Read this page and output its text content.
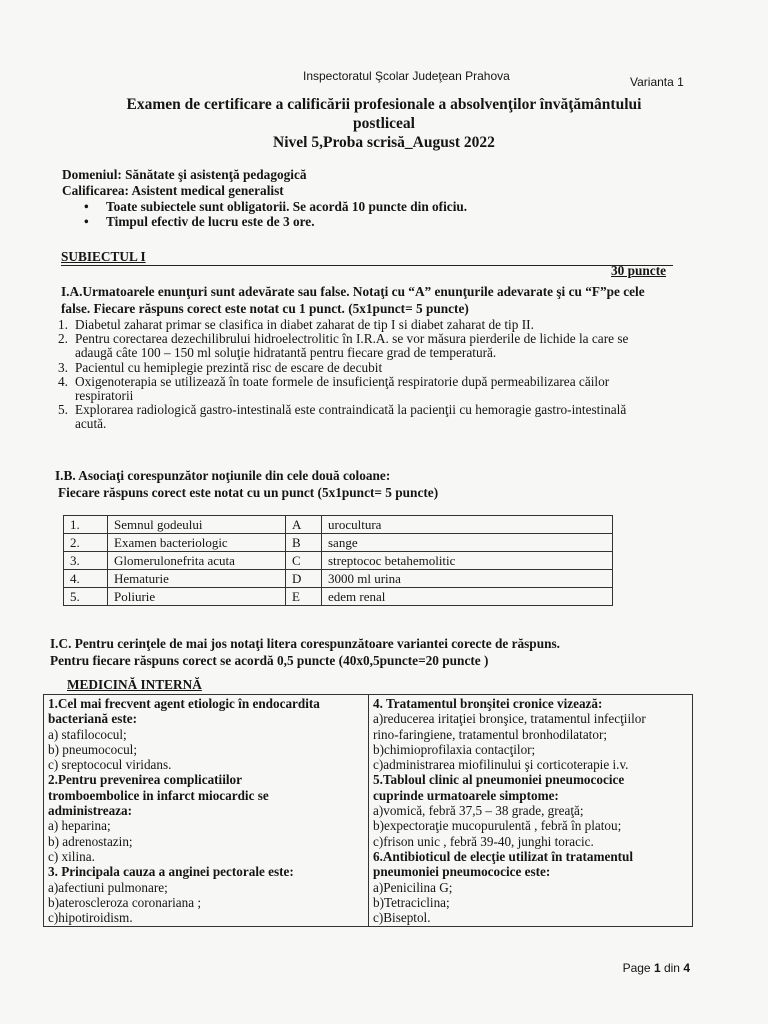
Inspectoratul Şcolar Judeţean Prahova	Varianta 1
Examen de certificare a calificării profesionale a absolvenţilor învăţământului
postliceal
Nivel 5,Proba scrisă_August 2022
Domeniul: Sănătate şi asistenţă pedagogică
Calificarea: Asistent medical generalist
• Toate subiectele sunt obligatorii. Se acordă 10 puncte din oficiu.
• Timpul efectiv de lucru este de 3 ore.
SUBIECTUL I
30 puncte
I.A.Urmatoarele enunţuri sunt adevărate sau false. Notaţi cu “A” enunţurile adevarate şi cu “F”pe cele
false. Fiecare răspuns corect este notat cu 1 punct. (5x1punct= 5 puncte)
1. Diabetul zaharat primar se clasifica in diabet zaharat de tip I si diabet zaharat de tip II.
2. Pentru corectarea dezechilibrului hidroelectrolitic în I.R.A. se vor măsura pierderile de lichide la care se
adaugă câte 100 – 150 ml soluţie hidratantă pentru fiecare grad de temperatură.
3. Pacientul cu hemiplegie prezintă risc de escare de decubit
4. Oxigenoterapia se utilizează în toate formele de insuficienţă respiratorie după permeabilizarea căilor
respiratorii
5. Explorarea radiologică gastro-intestinală este contraindicată la pacienţii cu hemoragie gastro-intestinală
acută.
I.B. Asociaţi corespunzător noţiunile din cele două coloane:
Fiecare răspuns corect este notat cu un punct (5x1punct= 5 puncte)
1.	Semnul godeului	A	urocultura
2.	Examen bacteriologic	B	sange
3.	Glomerulonefrita acuta	C	streptococ betahemolitic
4.	Hematurie	D	3000 ml urina
5.	Poliurie	E	edem renal
I.C. Pentru cerinţele de mai jos notaţi litera corespunzătoare variantei corecte de răspuns.
Pentru fiecare răspuns corect se acordă 0,5 puncte (40x0,5puncte=20 puncte )
MEDICINĂ INTERNĂ
1.Cel mai frecvent agent etiologic în endocardita
bacteriană este:
a) stafilococul;
b) pneumococul;
c) sreptococul viridans.
2.Pentru prevenirea complicatiilor
tromboembolice in infarct miocardic se
administreaza:
a) heparina;
b) adrenostazin;
c) xilina.
3. Principala cauza a anginei pectorale este:
a)afectiuni pulmonare;
b)ateroscleroza coronariana ;
c)hipotiroidism.

4. Tratamentul bronşitei cronice vizează:
a)reducerea iritaţiei bronşice, tratamentul infecţiilor
rino-faringiene, tratamentul bronhodilatator;
b)chimioprofilaxia contacţilor;
c)administrarea miofilinului şi corticoterapie i.v.
5.Tabloul clinic al pneumoniei pneumococice
cuprinde urmatoarele simptome:
a)vomică, febră 37,5 – 38 grade, greaţă;
b)expectoraţie mucopurulentă , febră în platou;
c)frison unic , febră 39-40, junghi toracic.
6.Antibioticul de elecţie utilizat în tratamentul
pneumoniei pneumococice este:
a)Penicilina G;
b)Tetraciclina;
c)Biseptol.
Page 1 din 4
